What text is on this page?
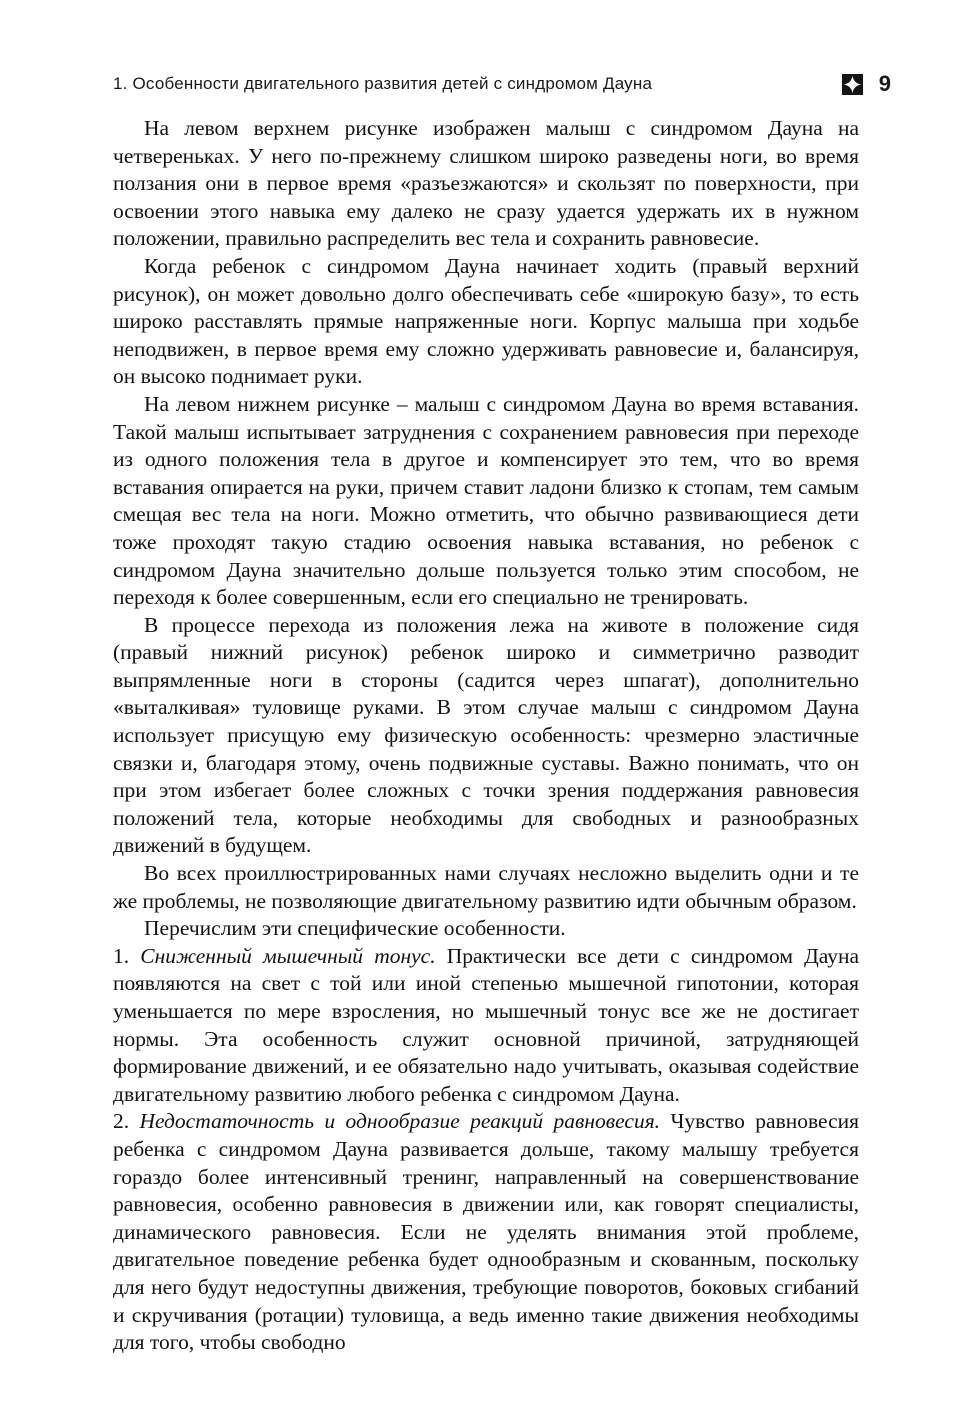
1. Особенности двигательного развития детей с синдромом Дауна	9

На левом верхнем рисунке изображен малыш с синдромом Дауна на четвереньках. У него по-прежнему слишком широко разведены ноги, во время ползания они в первое время «разъезжаются» и скользят по поверхности, при освоении этого навыка ему далеко не сразу удается удержать их в нужном положении, правильно распределить вес тела и сохранить равновесие.

Когда ребенок с синдромом Дауна начинает ходить (правый верхний рисунок), он может довольно долго обеспечивать себе «широкую базу», то есть широко расставлять прямые напряженные ноги. Корпус малыша при ходьбе неподвижен, в первое время ему сложно удерживать равновесие и, балансируя, он высоко поднимает руки.

На левом нижнем рисунке – малыш с синдромом Дауна во время вставания. Такой малыш испытывает затруднения с сохранением равновесия при переходе из одного положения тела в другое и компенсирует это тем, что во время вставания опирается на руки, причем ставит ладони близко к стопам, тем самым смещая вес тела на ноги. Можно отметить, что обычно развивающиеся дети тоже проходят такую стадию освоения навыка вставания, но ребенок с синдромом Дауна значительно дольше пользуется только этим способом, не переходя к более совершенным, если его специально не тренировать.

В процессе перехода из положения лежа на животе в положение сидя (правый нижний рисунок) ребенок широко и симметрично разводит выпрямленные ноги в стороны (садится через шпагат), дополнительно «выталкивая» туловище руками. В этом случае малыш с синдромом Дауна использует присущую ему физическую особенность: чрезмерно эластичные связки и, благодаря этому, очень подвижные суставы. Важно понимать, что он при этом избегает более сложных с точки зрения поддержания равновесия положений тела, которые необходимы для свободных и разнообразных движений в будущем.

Во всех проиллюстрированных нами случаях несложно выделить одни и те же проблемы, не позволяющие двигательному развитию идти обычным образом.

Перечислим эти специфические особенности.

1. Сниженный мышечный тонус. Практически все дети с синдромом Дауна появляются на свет с той или иной степенью мышечной гипотонии, которая уменьшается по мере взросления, но мышечный тонус все же не достигает нормы. Эта особенность служит основной причиной, затрудняющей формирование движений, и ее обязательно надо учитывать, оказывая содействие двигательному развитию любого ребенка с синдромом Дауна.

2. Недостаточность и однообразие реакций равновесия. Чувство равновесия ребенка с синдромом Дауна развивается дольше, такому малышу требуется гораздо более интенсивный тренинг, направленный на совершенствование равновесия, особенно равновесия в движении или, как говорят специалисты, динамического равновесия. Если не уделять внимания этой проблеме, двигательное поведение ребенка будет однообразным и скованным, поскольку для него будут недоступны движения, требующие поворотов, боковых сгибаний и скручивания (ротации) туловища, а ведь именно такие движения необходимы для того, чтобы свободно
